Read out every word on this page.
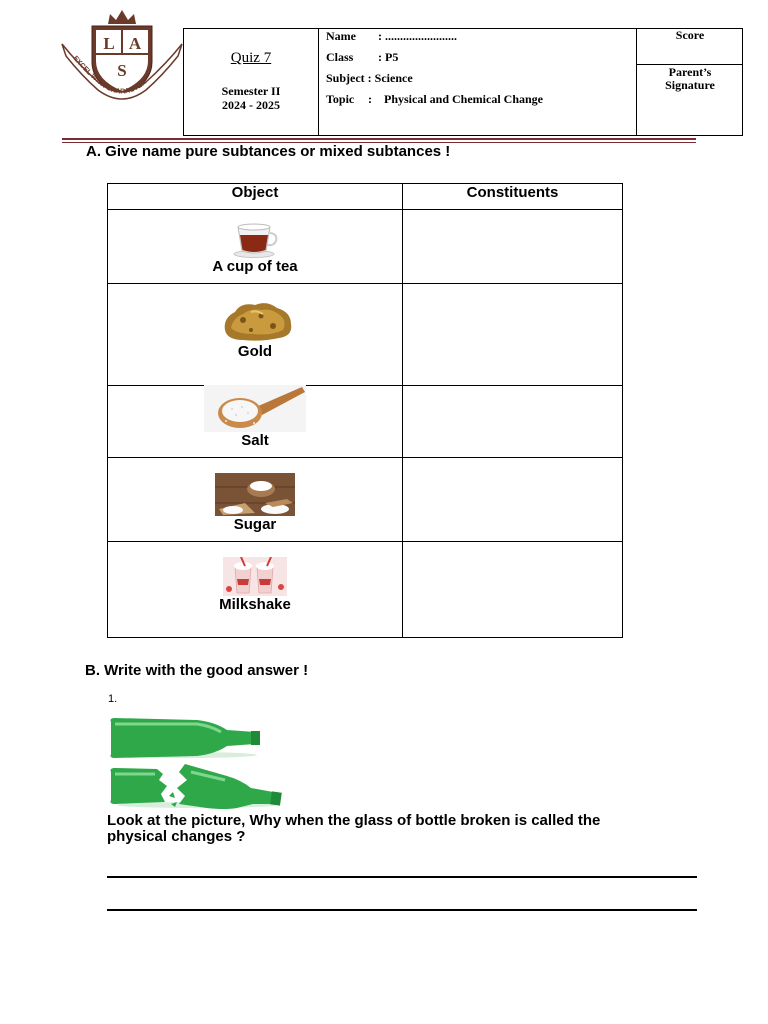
L A
S
EXCEL WITH CHARACTER
Quiz 7
Semester II
2024 - 2025
Name : ........................
Class : P5
Subject : Science
Topic :    Physical and Chemical Change
Score
Parent’s
Signature
A. Give name pure subtances or mixed subtances !
Object	Constituents
A cup of tea
Gold
Salt
Sugar
Milkshake
B. Write with the good answer !
1.
Look at the picture, Why when the glass of bottle broken is called the
physical changes ?
